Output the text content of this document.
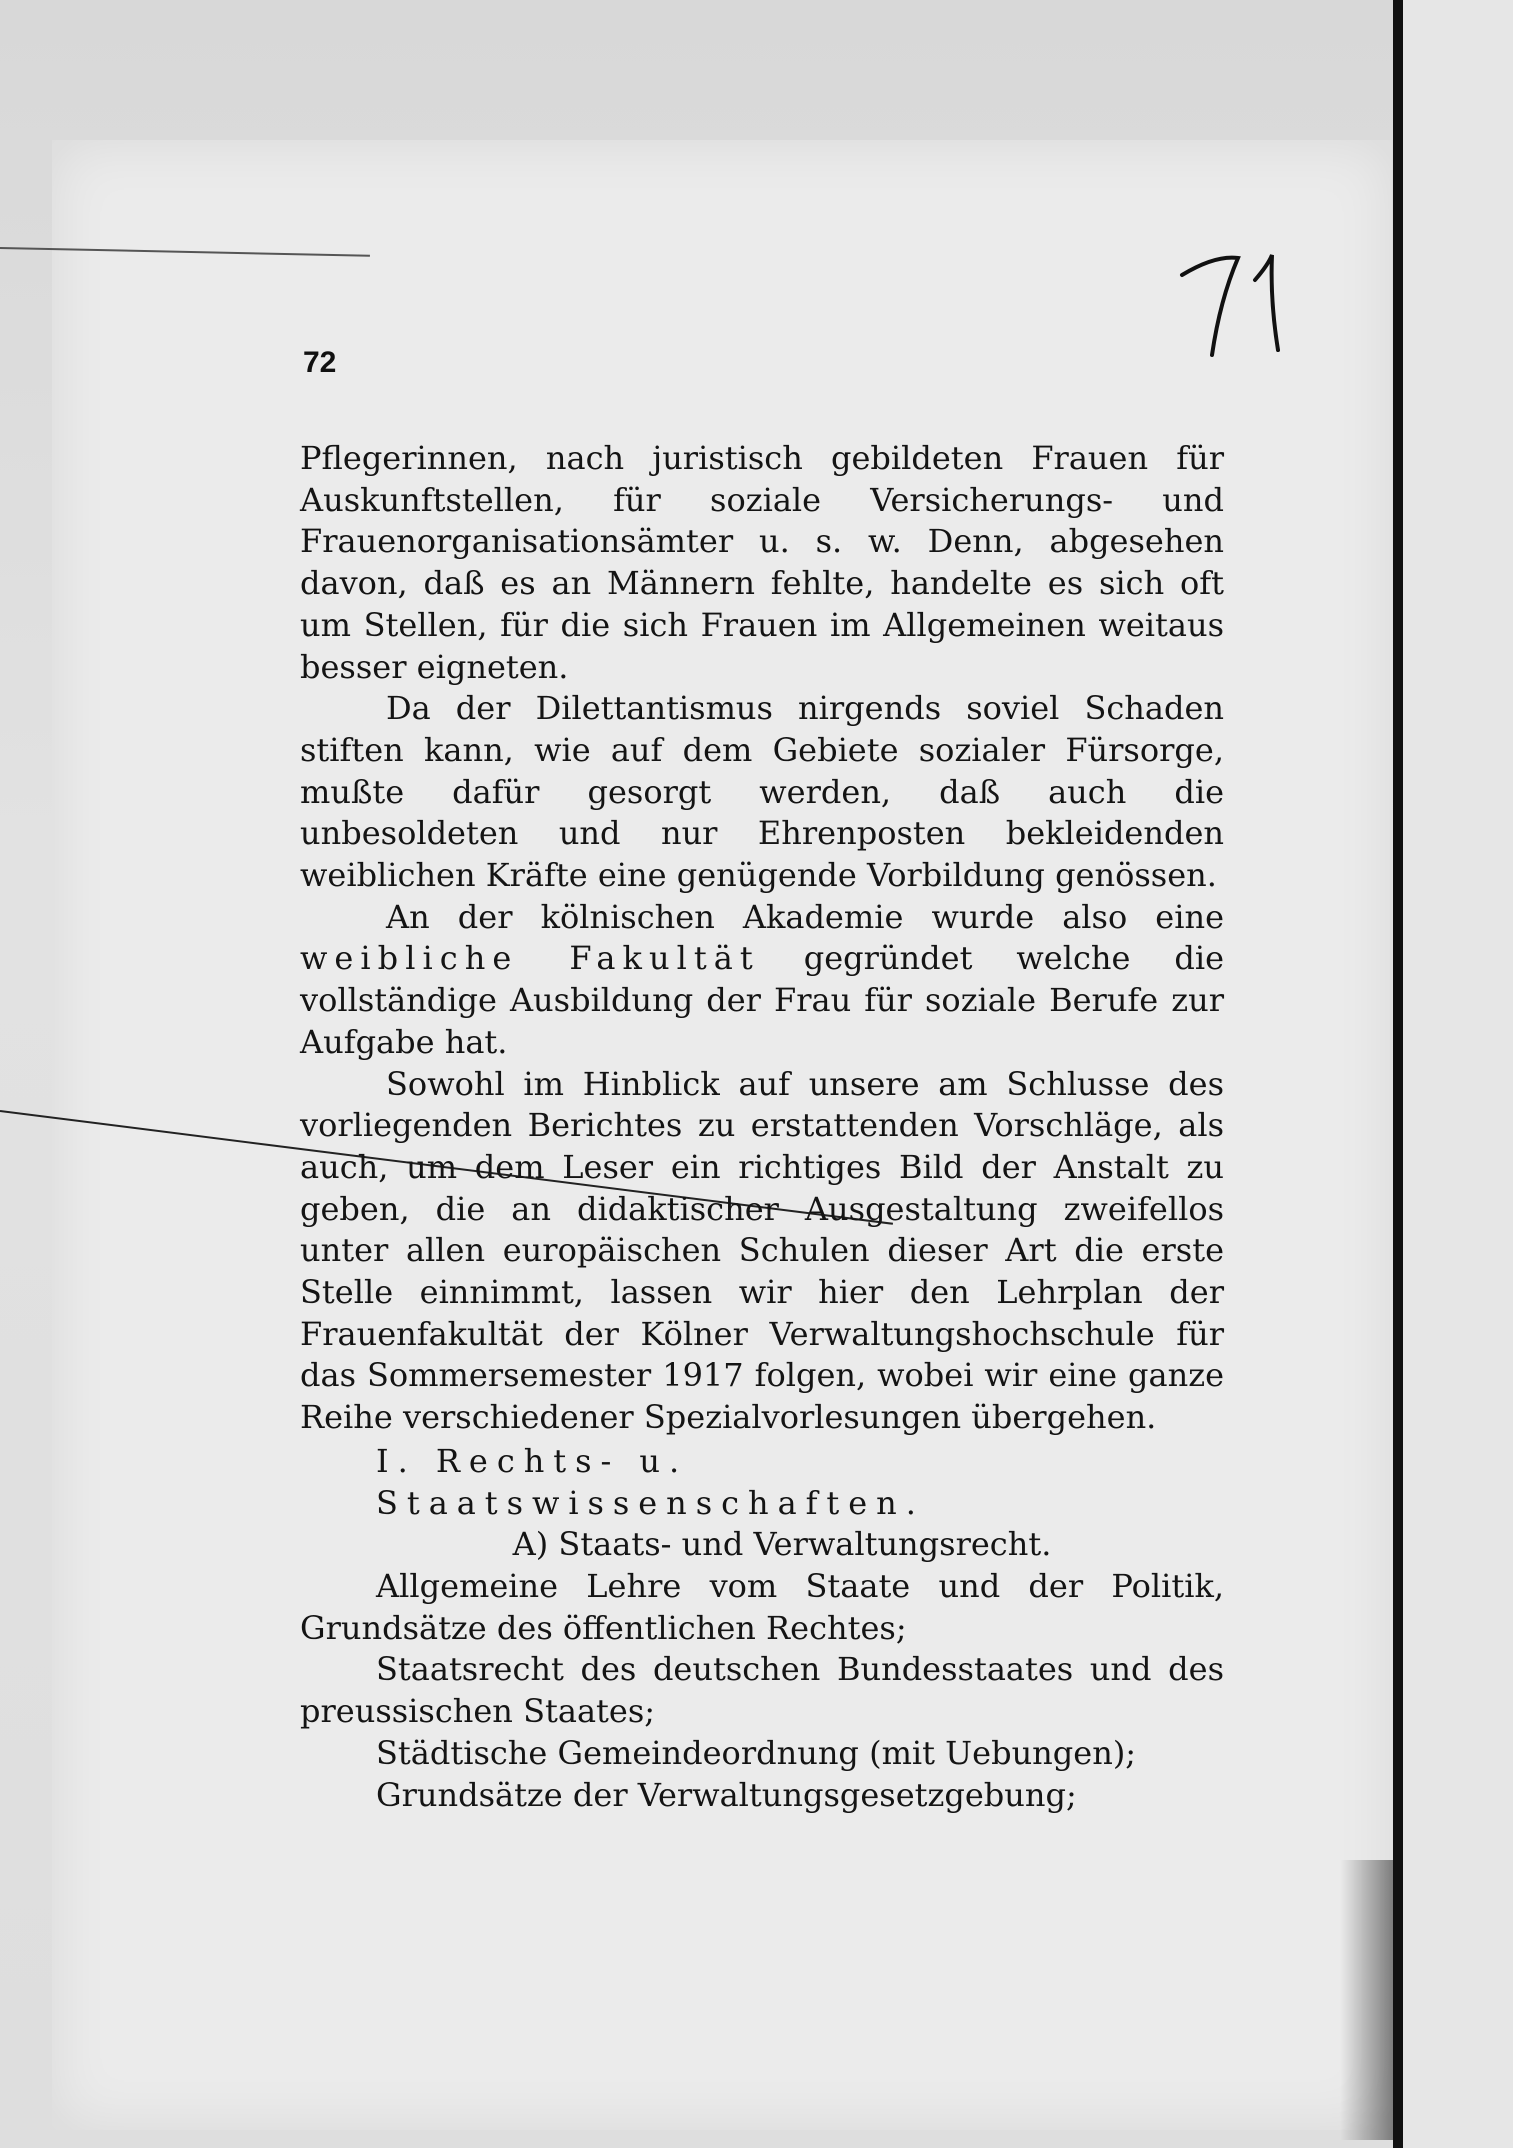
72

Pflegerinnen, nach juristisch gebildeten Frauen für Auskunftstellen, für soziale Versicherungs- und Frauenorganisationsämter u. s. w. Denn, abgesehen davon, daß es an Männern fehlte, handelte es sich oft um Stellen, für die sich Frauen im Allgemeinen weitaus besser eigneten.

Da der Dilettantismus nirgends soviel Schaden stiften kann, wie auf dem Gebiete sozialer Fürsorge, mußte dafür gesorgt werden, daß auch die unbesoldeten und nur Ehrenposten bekleidenden weiblichen Kräfte eine genügende Vorbildung genössen.

An der kölnischen Akademie wurde also eine weibliche Fakultät gegründet welche die vollständige Ausbildung der Frau für soziale Berufe zur Aufgabe hat.

Sowohl im Hinblick auf unsere am Schlusse des vorliegenden Berichtes zu erstattenden Vorschläge, als auch, um dem Leser ein richtiges Bild der Anstalt zu geben, die an didaktischer Ausgestaltung zweifellos unter allen europäischen Schulen dieser Art die erste Stelle einnimmt, lassen wir hier den Lehrplan der Frauenfakultät der Kölner Verwaltungshochschule für das Sommersemester 1917 folgen, wobei wir eine ganze Reihe verschiedener Spezialvorlesungen übergehen.

I. Rechts- u. Staatswissenschaften.

A) Staats- und Verwaltungsrecht.

Allgemeine Lehre vom Staate und der Politik, Grundsätze des öffentlichen Rechtes;

Staatsrecht des deutschen Bundesstaates und des preussischen Staates;

Städtische Gemeindeordnung (mit Uebungen);

Grundsätze der Verwaltungsgesetzgebung;
